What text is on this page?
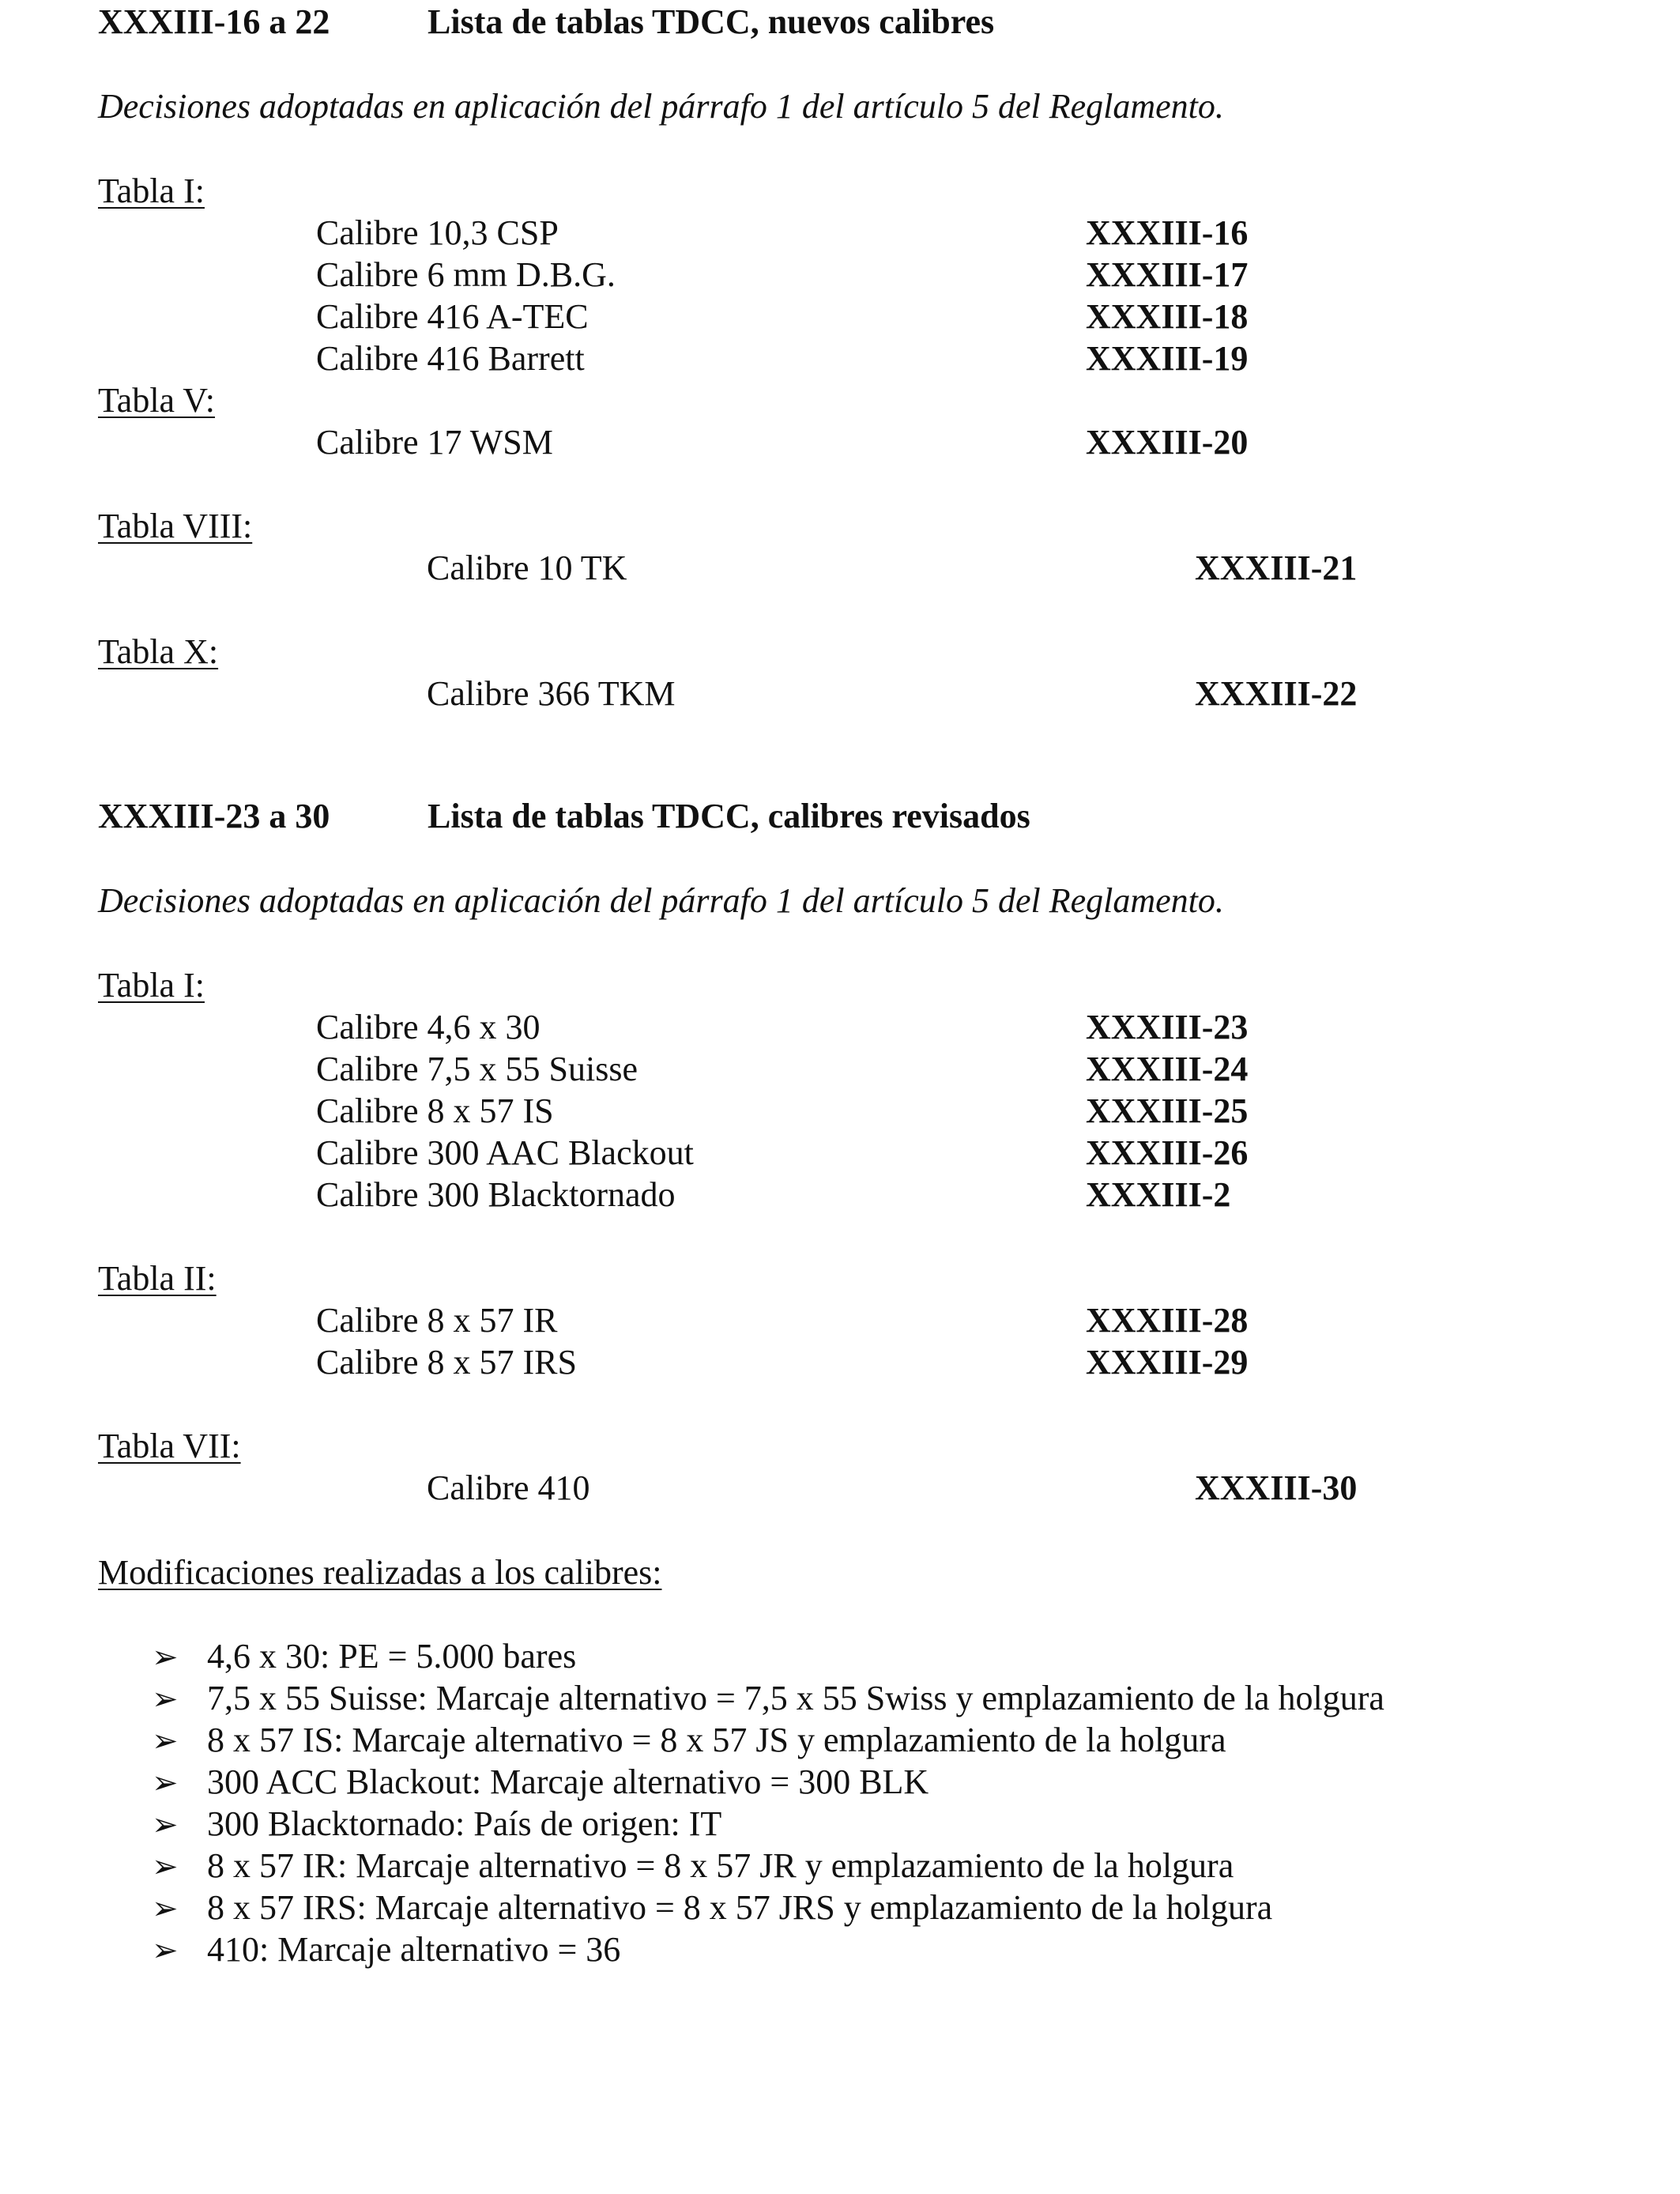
XXXIII-16 a 22	Lista de tablas TDCC, nuevos calibres
Decisiones adoptadas en aplicación del párrafo 1 del artículo 5 del Reglamento.
Tabla I:
Calibre 10,3 CSP	XXXIII-16
Calibre 6 mm D.B.G.	XXXIII-17
Calibre 416 A-TEC	XXXIII-18
Calibre 416 Barrett	XXXIII-19
Tabla V:
Calibre 17 WSM	XXXIII-20
Tabla VIII:
Calibre 10 TK	XXXIII-21
Tabla X:
Calibre 366 TKM	XXXIII-22
XXXIII-23 a 30	Lista de tablas TDCC, calibres revisados
Decisiones adoptadas en aplicación del párrafo 1 del artículo 5 del Reglamento.
Tabla I:
Calibre 4,6 x 30	XXXIII-23
Calibre 7,5 x 55 Suisse	XXXIII-24
Calibre 8 x 57 IS	XXXIII-25
Calibre 300 AAC Blackout	XXXIII-26
Calibre 300 Blacktornado	XXXIII-2
Tabla II:
Calibre 8 x 57 IR	XXXIII-28
Calibre 8 x 57 IRS	XXXIII-29
Tabla VII:
Calibre 410	XXXIII-30
Modificaciones realizadas a los calibres:
➢ 4,6 x 30: PE = 5.000 bares
➢ 7,5 x 55 Suisse: Marcaje alternativo = 7,5 x 55 Swiss y emplazamiento de la holgura
➢ 8 x 57 IS: Marcaje alternativo = 8 x 57 JS y emplazamiento de la holgura
➢ 300 ACC Blackout: Marcaje alternativo = 300 BLK
➢ 300 Blacktornado: País de origen: IT
➢ 8 x 57 IR: Marcaje alternativo = 8 x 57 JR y emplazamiento de la holgura
➢ 8 x 57 IRS: Marcaje alternativo = 8 x 57 JRS y emplazamiento de la holgura
➢ 410: Marcaje alternativo = 36
